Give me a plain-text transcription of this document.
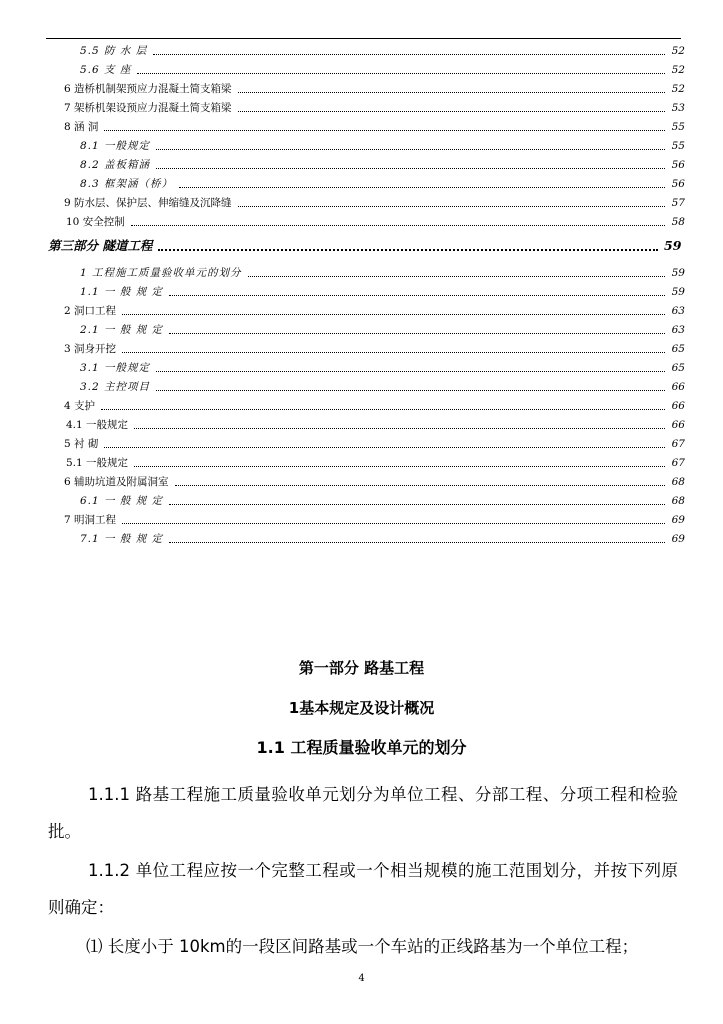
5.5 防 水 层	52
5.6 支 座	52
6 造桥机制架预应力混凝土简支箱梁	52
7 架桥机架设预应力混凝土简支箱梁	53
8 涵 洞	55
8.1 一般规定	55
8.2 盖板箱涵	56
8.3 框架涵（桥）	56
9 防水层、保护层、伸缩缝及沉降缝	57
10 安全控制	58
第三部分 隧道工程	59
1 工程施工质量验收单元的划分	59
1.1 一 般 规 定	59
2 洞口工程	63
2.1 一 般 规 定	63
3 洞身开挖	65
3.1 一般规定	65
3.2 主控项目	66
4 支护	66
4.1 一般规定	66
5 衬 砌	67
5.1 一般规定	67
6 辅助坑道及附属洞室	68
6.1 一 般 规 定	68
7 明洞工程	69
7.1 一 般 规 定	69
第一部分 路基工程
1基本规定及设计概况
1.1 工程质量验收单元的划分
1.1.1 路基工程施工质量验收单元划分为单位工程、分部工程、分项工程和检验批。
1.1.2 单位工程应按一个完整工程或一个相当规模的施工范围划分，并按下列原则确定：
⑴ 长度小于 10km的一段区间路基或一个车站的正线路基为一个单位工程；
4
